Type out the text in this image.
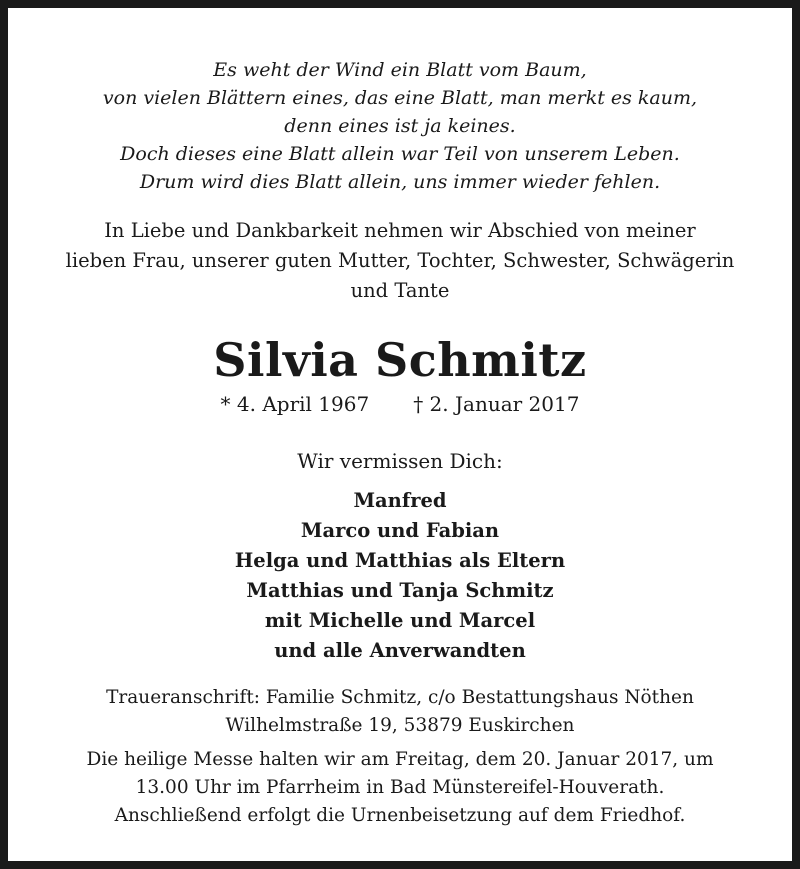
Es weht der Wind ein Blatt vom Baum,
von vielen Blättern eines, das eine Blatt, man merkt es kaum,
denn eines ist ja keines.
Doch dieses eine Blatt allein war Teil von unserem Leben.
Drum wird dies Blatt allein, uns immer wieder fehlen.
In Liebe und Dankbarkeit nehmen wir Abschied von meiner
lieben Frau, unserer guten Mutter, Tochter, Schwester, Schwägerin
und Tante
Silvia Schmitz
* 4. April 1967 † 2. Januar 2017
Wir vermissen Dich:
Manfred
Marco und Fabian
Helga und Matthias als Eltern
Matthias und Tanja Schmitz
mit Michelle und Marcel
und alle Anverwandten
Traueranschrift: Familie Schmitz, c/o Bestattungshaus Nöthen
Wilhelmstraße 19, 53879 Euskirchen
Die heilige Messe halten wir am Freitag, dem 20. Januar 2017, um
13.00 Uhr im Pfarrheim in Bad Münstereifel-Houverath.
Anschließend erfolgt die Urnenbeisetzung auf dem Friedhof.
